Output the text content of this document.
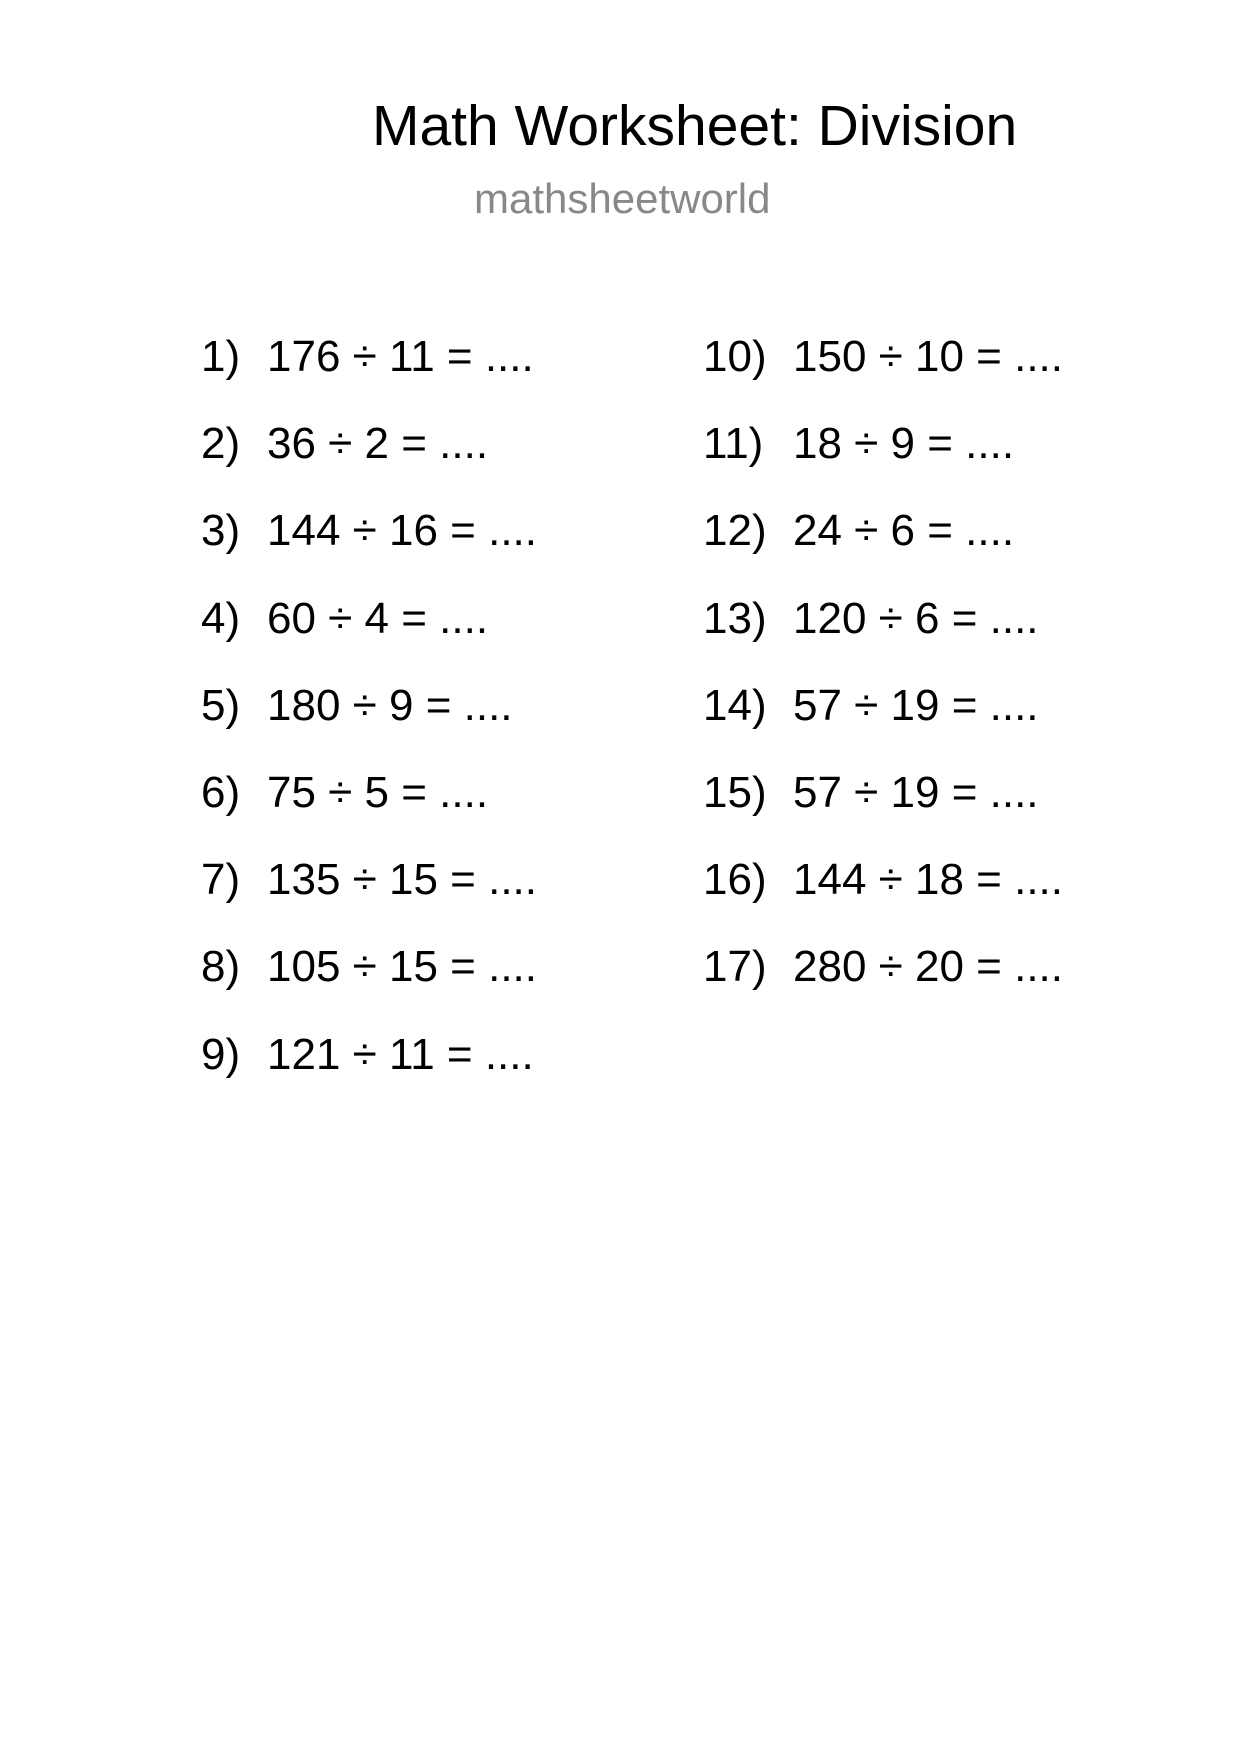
Math Worksheet: Division
mathsheetworld
1) 176 ÷ 11 = ....
2) 36 ÷ 2 = ....
3) 144 ÷ 16 = ....
4) 60 ÷ 4 = ....
5) 180 ÷ 9 = ....
6) 75 ÷ 5 = ....
7) 135 ÷ 15 = ....
8) 105 ÷ 15 = ....
9) 121 ÷ 11 = ....
10) 150 ÷ 10 = ....
11) 18 ÷ 9 = ....
12) 24 ÷ 6 = ....
13) 120 ÷ 6 = ....
14) 57 ÷ 19 = ....
15) 57 ÷ 19 = ....
16) 144 ÷ 18 = ....
17) 280 ÷ 20 = ....
